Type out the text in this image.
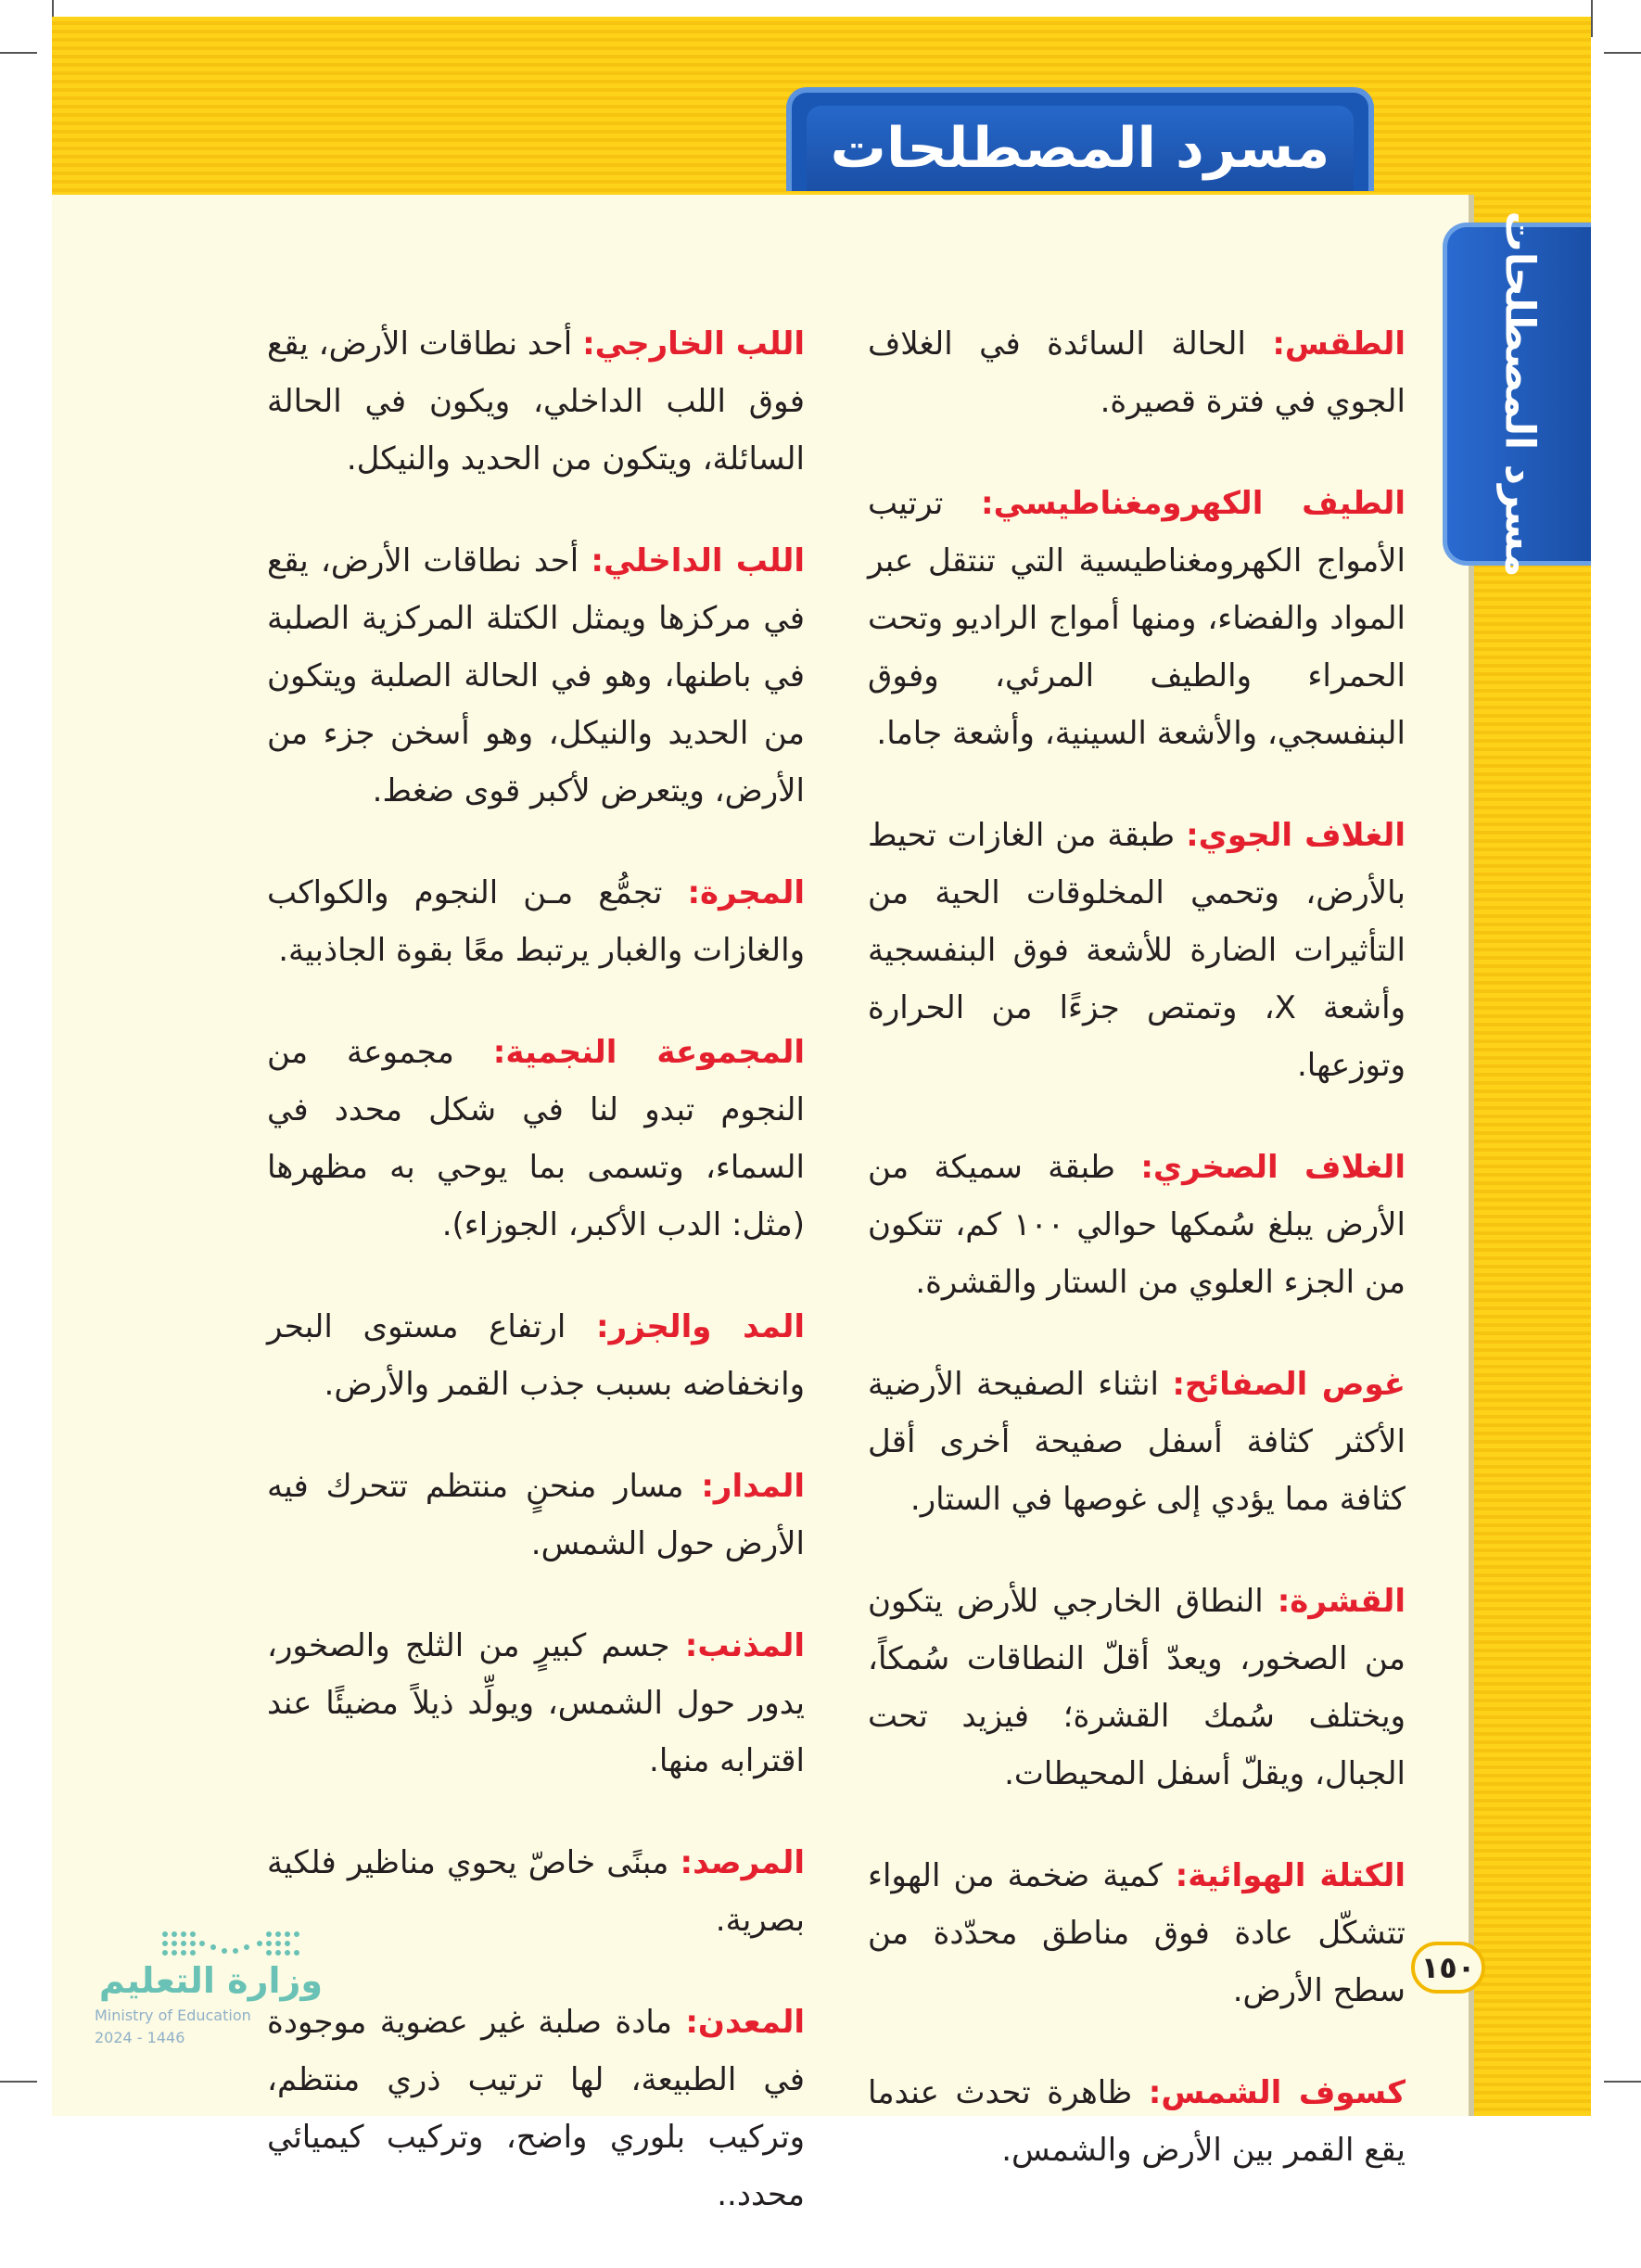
مسرد المصطلحات
مسرد المصطلحات

الطقس: الحالة السائدة في الغلاف الجوي في فترة قصيرة.

الطيف الكهرومغناطيسي: ترتيب الأمواج الكهرومغناطيسية التي تنتقل عبر المواد والفضاء، ومنها أمواج الراديو وتحت الحمراء والطيف المرئي، وفوق البنفسجي، والأشعة السينية، وأشعة جاما.

الغلاف الجوي: طبقة من الغازات تحيط بالأرض، وتحمي المخلوقات الحية من التأثيرات الضارة للأشعة فوق البنفسجية وأشعة X، وتمتص جزءًا من الحرارة وتوزعها.

الغلاف الصخري: طبقة سميكة من الأرض يبلغ سُمكها حوالي ١٠٠ كم، تتكون من الجزء العلوي من الستار والقشرة.

غوص الصفائح: انثناء الصفيحة الأرضية الأكثر كثافة أسفل صفيحة أخرى أقل كثافة مما يؤدي إلى غوصها في الستار.

القشرة: النطاق الخارجي للأرض يتكون من الصخور، ويعدّ أقلّ النطاقات سُمكاً، ويختلف سُمك القشرة؛ فيزيد تحت الجبال، ويقلّ أسفل المحيطات.

الكتلة الهوائية: كمية ضخمة من الهواء تتشكّل عادة فوق مناطق محدّدة من سطح الأرض.

كسوف الشمس: ظاهرة تحدث عندما يقع القمر بين الأرض والشمس.

اللب الخارجي: أحد نطاقات الأرض، يقع فوق اللب الداخلي، ويكون في الحالة السائلة، ويتكون من الحديد والنيكل.

اللب الداخلي: أحد نطاقات الأرض، يقع في مركزها ويمثل الكتلة المركزية الصلبة في باطنها، وهو في الحالة الصلبة ويتكون من الحديد والنيكل، وهو أسخن جزء من الأرض، ويتعرض لأكبر قوى ضغط.

المجرة: تجمُّع مـن النجوم والكواكب والغازات والغبار يرتبط معًا بقوة الجاذبية.

المجموعة النجمية: مجموعة من النجوم تبدو لنا في شكل محدد في السماء، وتسمى بما يوحي به مظهرها (مثل: الدب الأكبر، الجوزاء).

المد والجزر: ارتفاع مستوى البحر وانخفاضه بسبب جذب القمر والأرض.

المدار: مسار منحنٍ منتظم تتحرك فيه الأرض حول الشمس.

المذنب: جسم كبيرٍ من الثلج والصخور، يدور حول الشمس، ويولِّد ذيلاً مضيئًا عند اقترابه منها.

المرصد: مبنًى خاصّ يحوي مناظير فلكية بصرية.

المعدن: مادة صلبة غير عضوية موجودة في الطبيعة، لها ترتيب ذري منتظم، وتركيب بلوري واضح، وتركيب كيميائي محدد..

١٥٠
وزارة التعليم
Ministry of Education
2024 - 1446
